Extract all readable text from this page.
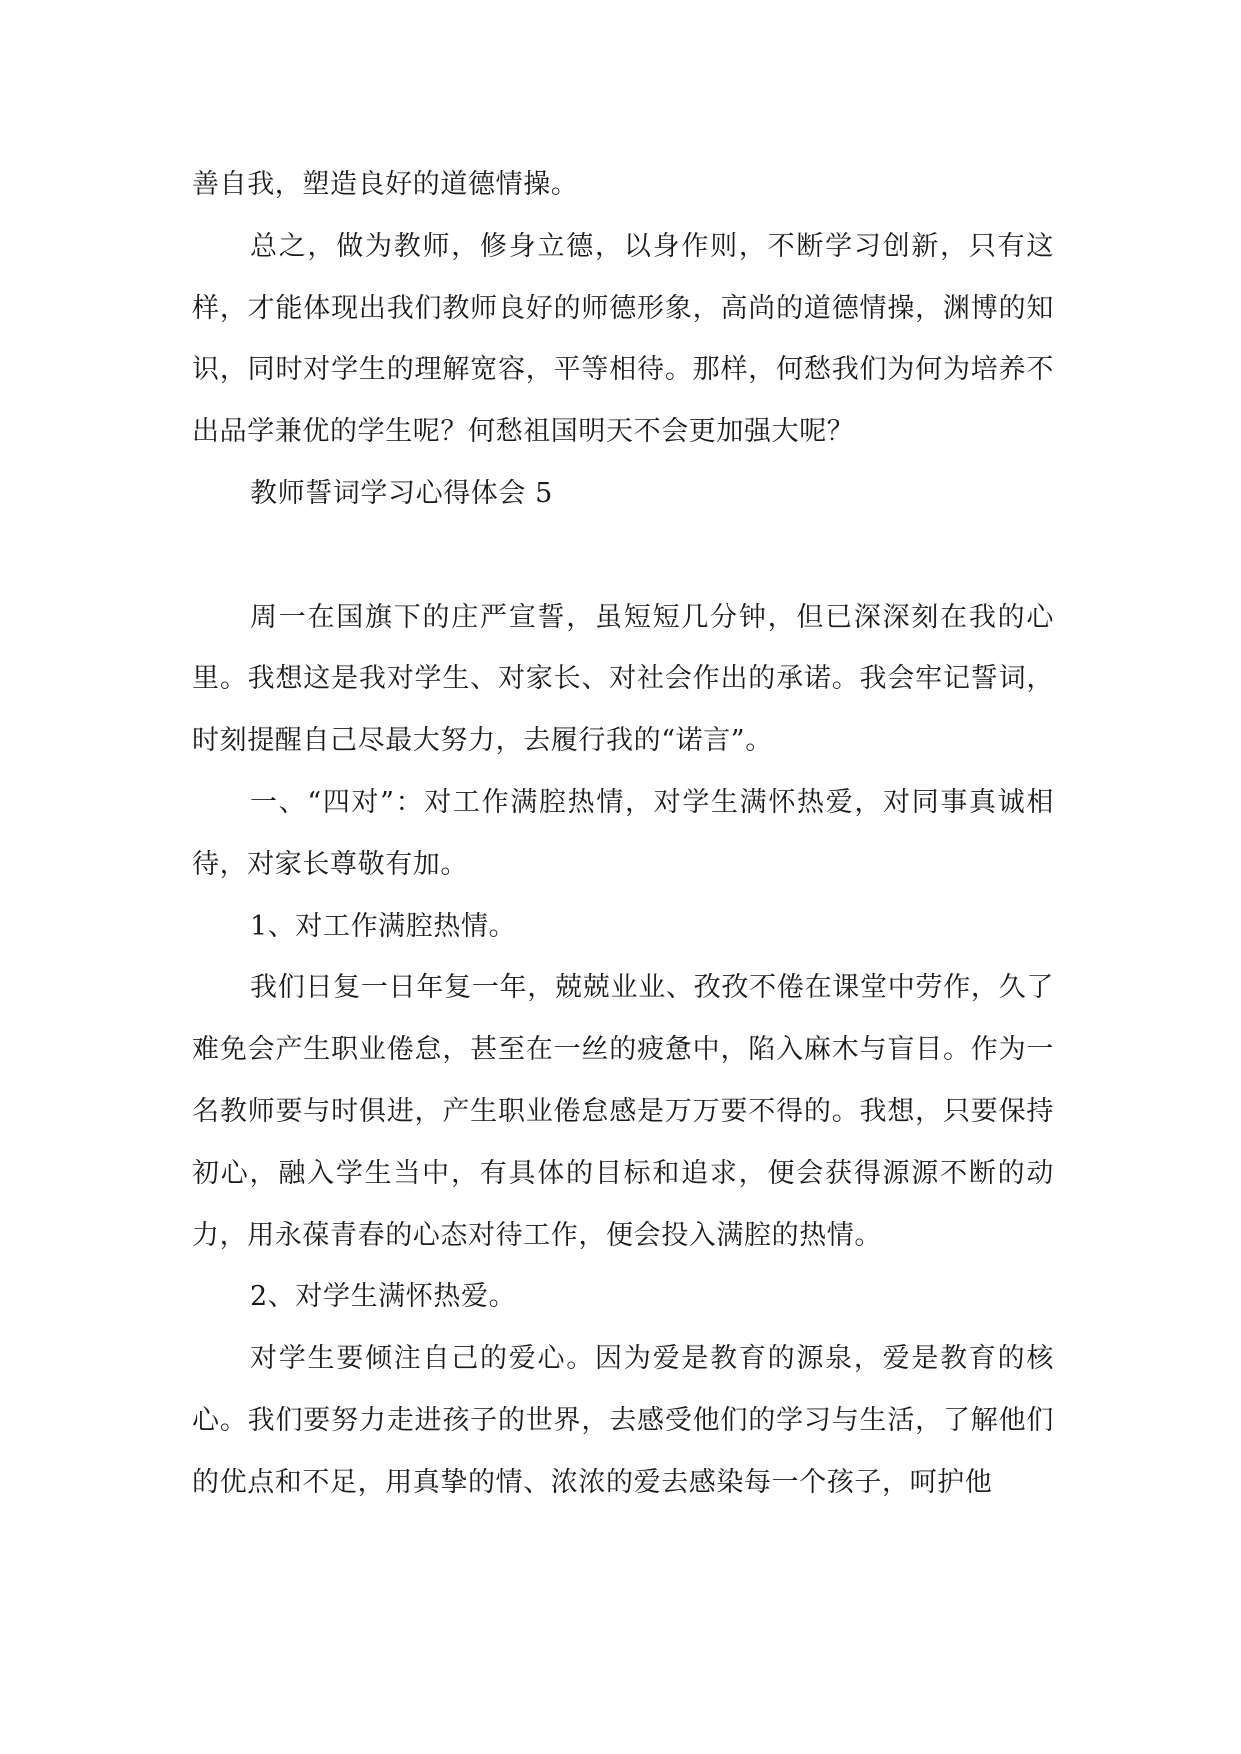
善自我，塑造良好的道德情操。

总之，做为教师，修身立德，以身作则，不断学习创新，只有这样，才能体现出我们教师良好的师德形象，高尚的道德情操，渊博的知识，同时对学生的理解宽容，平等相待。那样，何愁我们为何为培养不出品学兼优的学生呢？何愁祖国明天不会更加强大呢？

教师誓词学习心得体会 5

周一在国旗下的庄严宣誓，虽短短几分钟，但已深深刻在我的心里。我想这是我对学生、对家长、对社会作出的承诺。我会牢记誓词，时刻提醒自己尽最大努力，去履行我的“诺言”。

一、“四对”：对工作满腔热情，对学生满怀热爱，对同事真诚相待，对家长尊敬有加。

1、对工作满腔热情。

我们日复一日年复一年，兢兢业业、孜孜不倦在课堂中劳作，久了难免会产生职业倦怠，甚至在一丝的疲惫中，陷入麻木与盲目。作为一名教师要与时俱进，产生职业倦怠感是万万要不得的。我想，只要保持初心，融入学生当中，有具体的目标和追求，便会获得源源不断的动力，用永葆青春的心态对待工作，便会投入满腔的热情。

2、对学生满怀热爱。

对学生要倾注自己的爱心。因为爱是教育的源泉，爱是教育的核心。我们要努力走进孩子的世界，去感受他们的学习与生活，了解他们的优点和不足，用真挚的情、浓浓的爱去感染每一个孩子，呵护他
